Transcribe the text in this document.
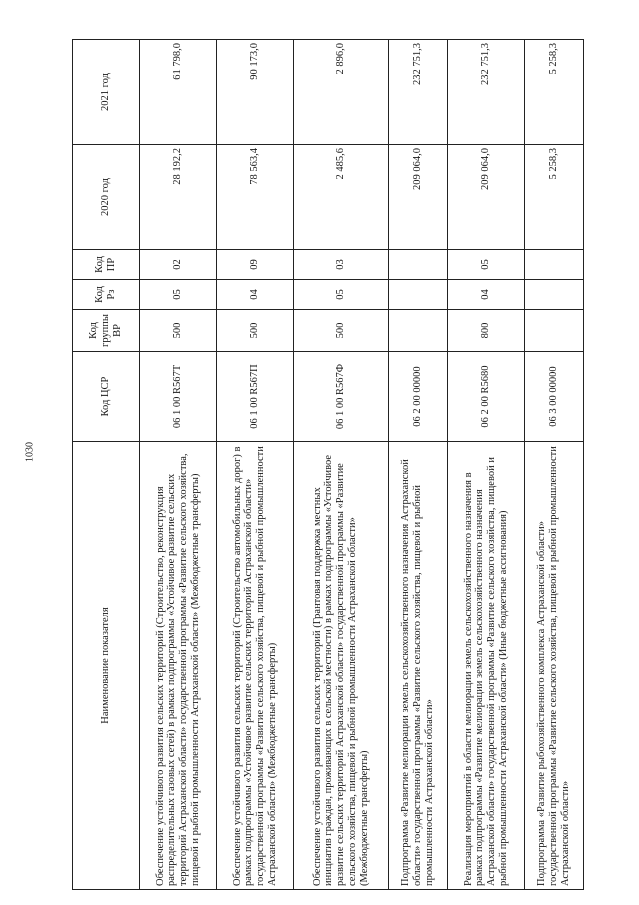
1030
Наименование показателя	Код ЦСР	Код группы ВР	Код Рз	Код ПР	2020 год	2021 год
Обеспечение устойчивого развития сельских территорий (Строительство, реконструкция распределительных газовых сетей) в рамках подпрограммы «Устойчивое развитие сельских территорий Астраханской области» государственной программы «Развитие сельского хозяйства, пищевой и рыбной промышленности Астраханской области» (Межбюджетные трансферты)	06 1 00 R567Т	500	05	02	28 192,2	61 798,0
Обеспечение устойчивого развития сельских территорий (Строительство автомобильных дорог) в рамках подпрограммы «Устойчивое развитие сельских территорий Астраханской области» государственной программы «Развитие сельского хозяйства, пищевой и рыбной промышленности Астраханской области» (Межбюджетные трансферты)	06 1 00 R567П	500	04	09	78 563,4	90 173,0
Обеспечение устойчивого развития сельских территорий (Грантовая поддержка местных инициатив граждан, проживающих в сельской местности) в рамках подпрограммы «Устойчивое развитие сельских территорий Астраханской области» государственной программы «Развитие сельского хозяйства, пищевой и рыбной промышленности Астраханской области» (Межбюджетные трансферты)	06 1 00 R567Ф	500	05	03	2 485,6	2 896,0
Подпрограмма «Развитие мелиорации земель сельскохозяйственного назначения Астраханской области» государственной программы «Развитие сельского хозяйства, пищевой и рыбной промышленности Астраханской области»	06 2 00 00000				209 064,0	232 751,3
Реализация мероприятий в области мелиорации земель сельскохозяйственного назначения в рамках подпрограммы «Развитие мелиорации земель сельскохозяйственного назначения Астраханской области» государственной программы «Развитие сельского хозяйства, пищевой и рыбной промышленности Астраханской области» (Иные бюджетные ассигнования)	06 2 00 R5680	800	04	05	209 064,0	232 751,3
Подпрограмма «Развитие рыбохозяйственного комплекса Астраханской области» государственной программы «Развитие сельского хозяйства, пищевой и рыбной промышленности Астраханской области»	06 3 00 00000				5 258,3	5 258,3
